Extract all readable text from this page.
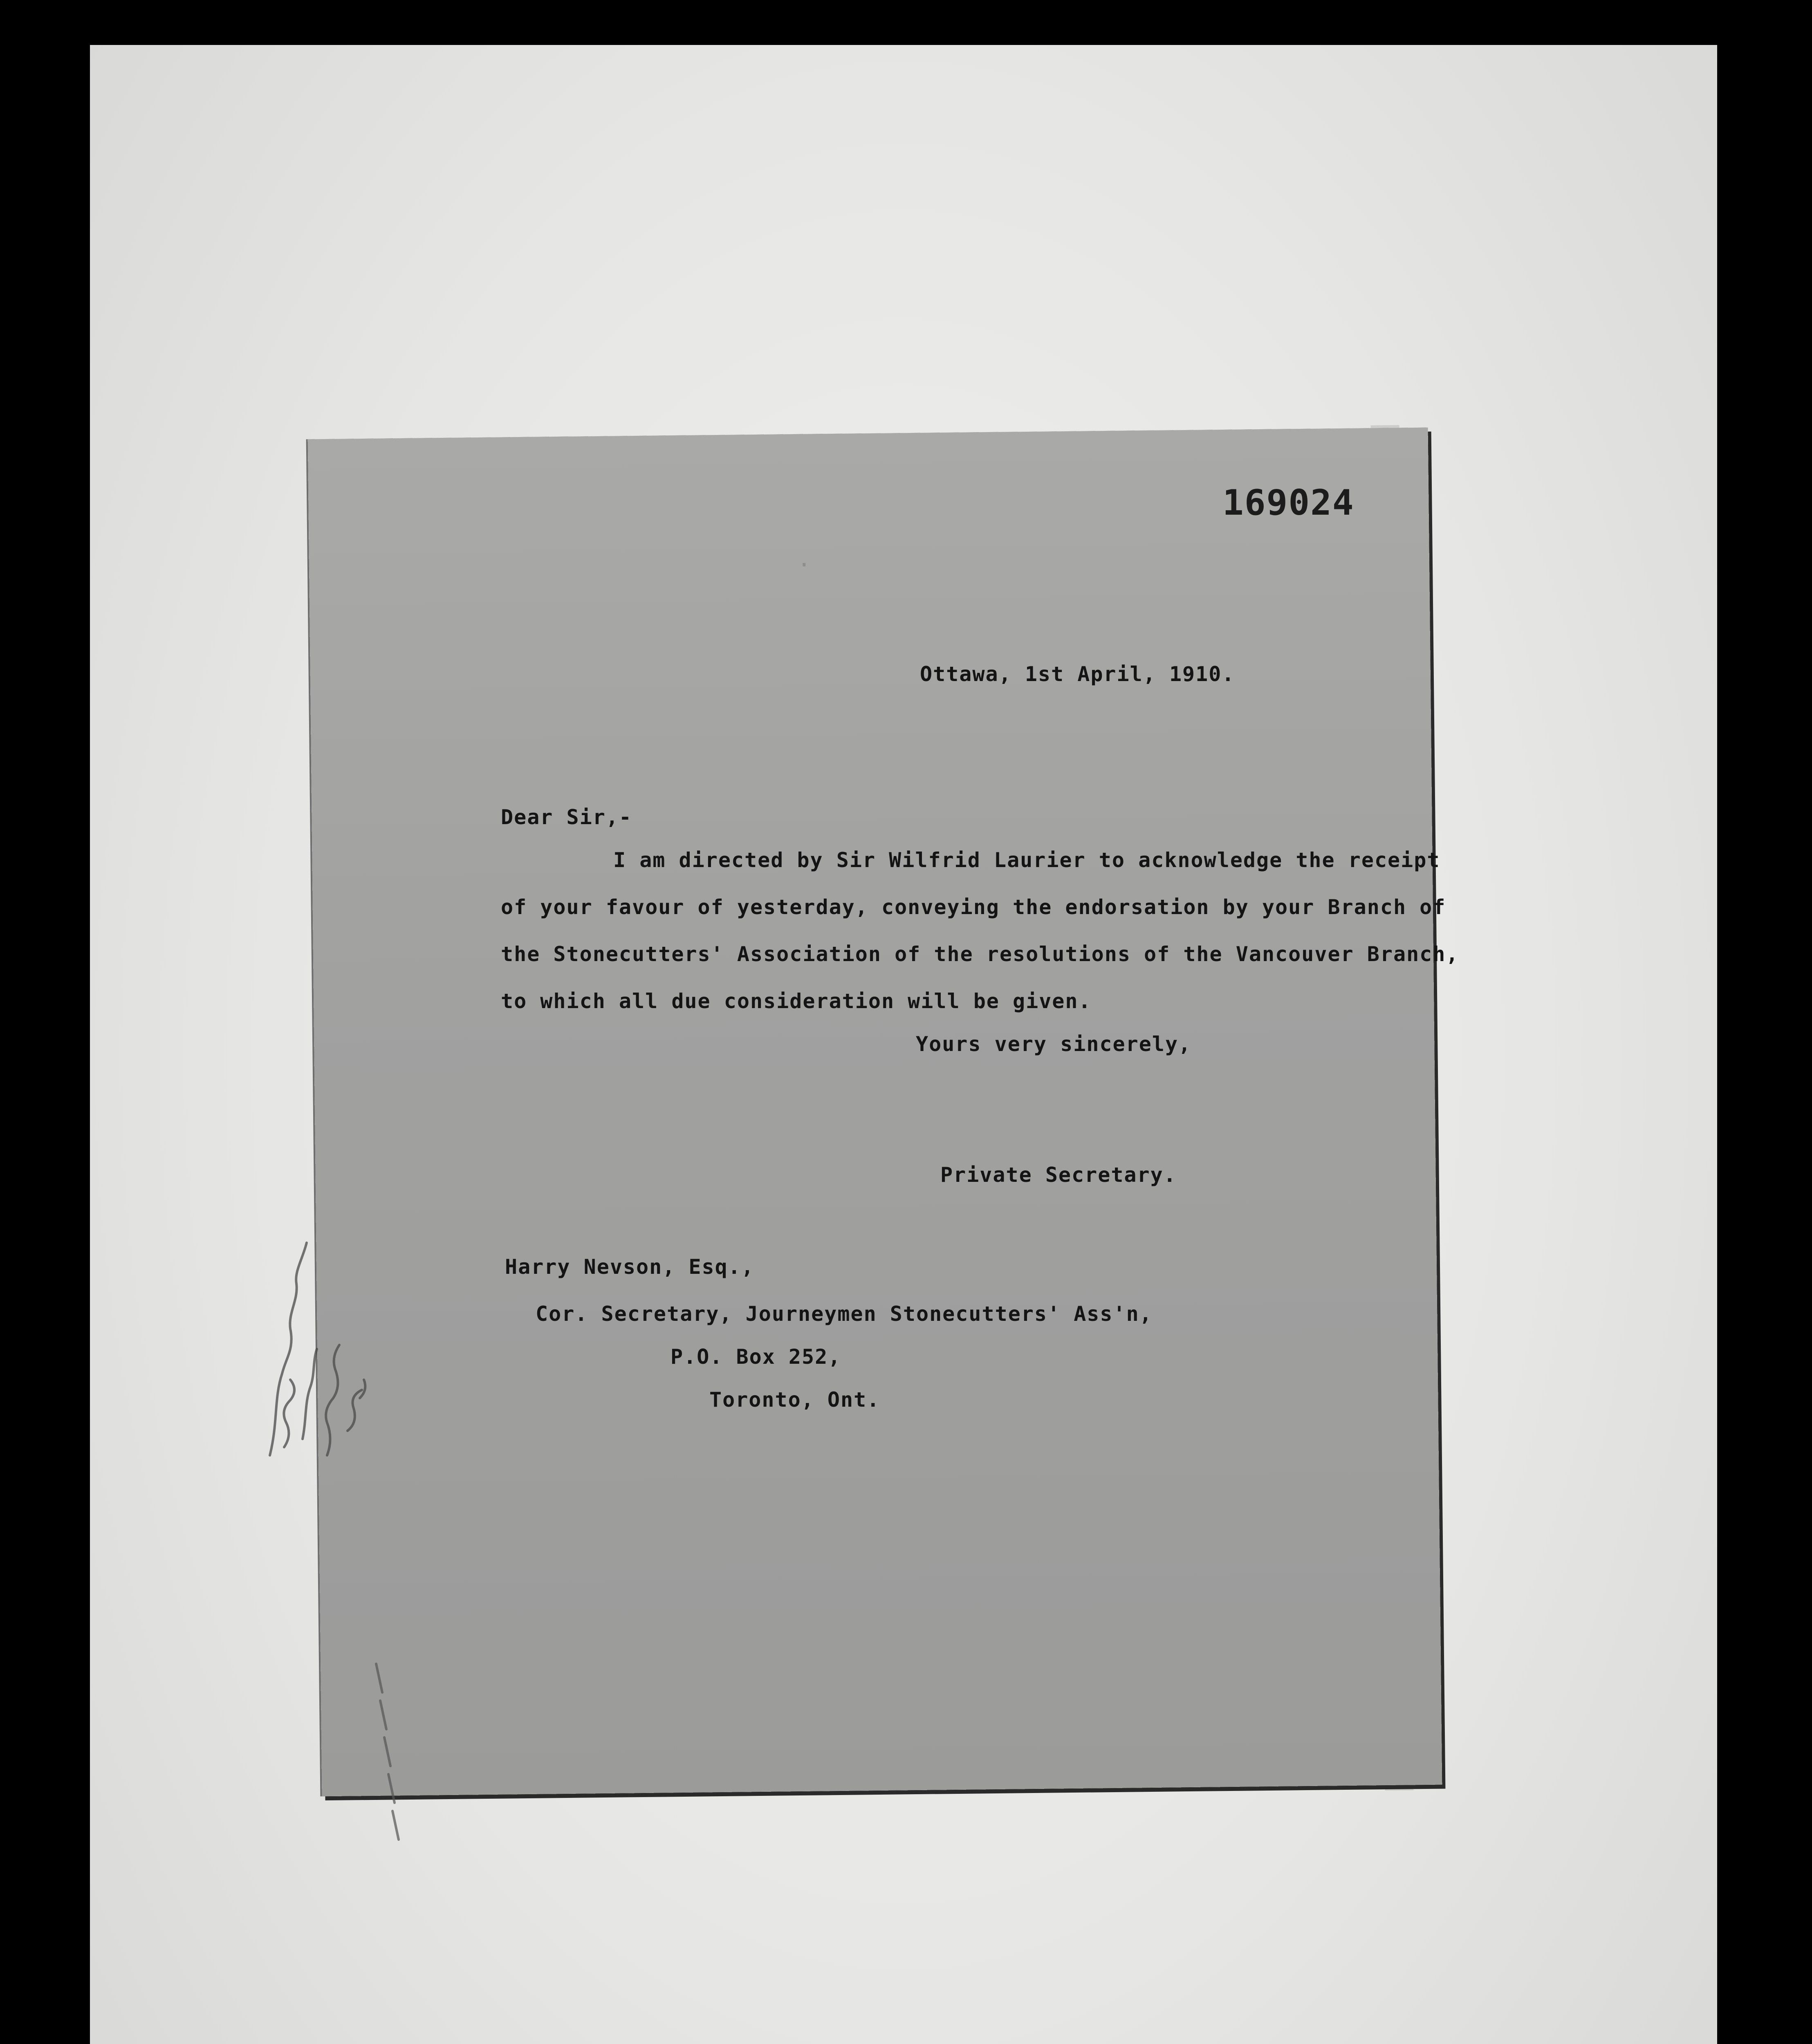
·
169024
Ottawa, 1st April, 1910.
Dear Sir,-
I am directed by Sir Wilfrid Laurier to acknowledge the receipt
of your favour of yesterday, conveying the endorsation by your Branch of
the Stonecutters' Association of the resolutions of the Vancouver Branch,
to which all due consideration will be given.
Yours very sincerely,
Private Secretary.
Harry Nevson, Esq.,
Cor. Secretary, Journeymen Stonecutters' Ass'n,
P.O. Box 252,
Toronto, Ont.
